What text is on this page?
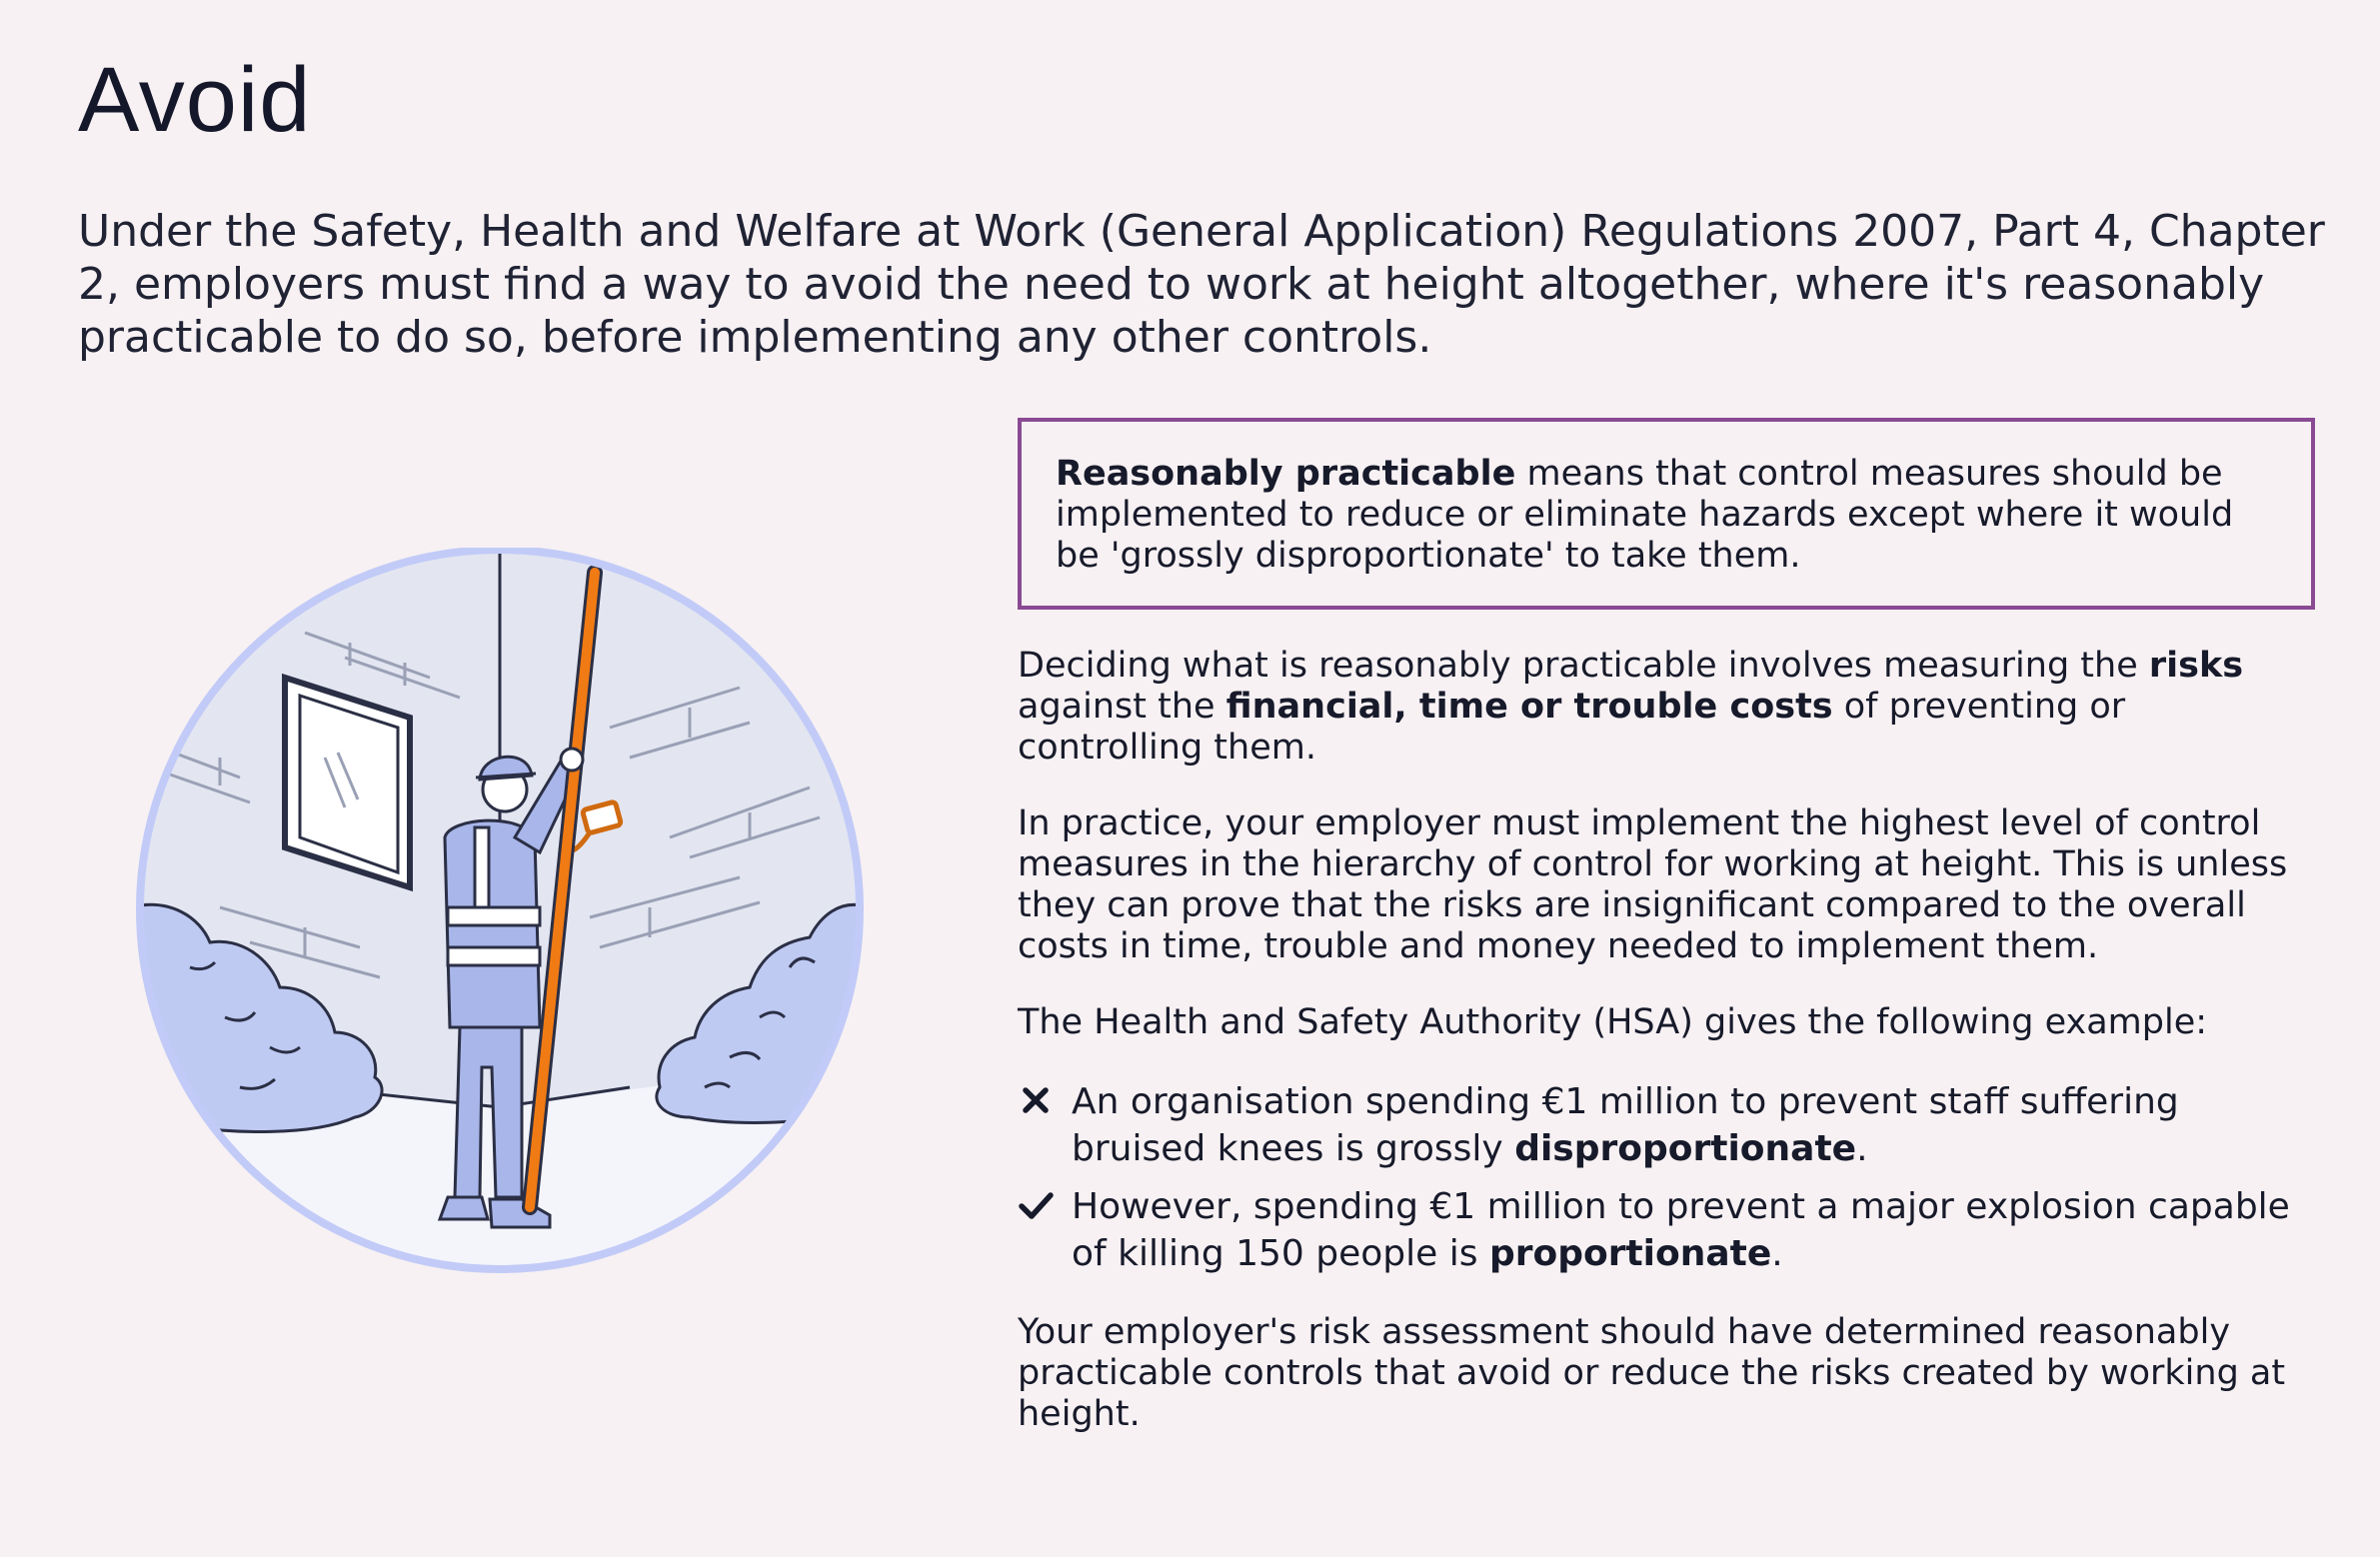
Avoid

Under the Safety, Health and Welfare at Work (General Application) Regulations 2007, Part 4, Chapter 2, employers must find a way to avoid the need to work at height altogether, where it's reasonably practicable to do so, before implementing any other controls.

Reasonably practicable means that control measures should be implemented to reduce or eliminate hazards except where it would be 'grossly disproportionate' to take them.

Deciding what is reasonably practicable involves measuring the risks against the financial, time or trouble costs of preventing or controlling them.

In practice, your employer must implement the highest level of control measures in the hierarchy of control for working at height. This is unless they can prove that the risks are insignificant compared to the overall costs in time, trouble and money needed to implement them.

The Health and Safety Authority (HSA) gives the following example:

An organisation spending €1 million to prevent staff suffering bruised knees is grossly disproportionate.
However, spending €1 million to prevent a major explosion capable of killing 150 people is proportionate.

Your employer's risk assessment should have determined reasonably practicable controls that avoid or reduce the risks created by working at height.
